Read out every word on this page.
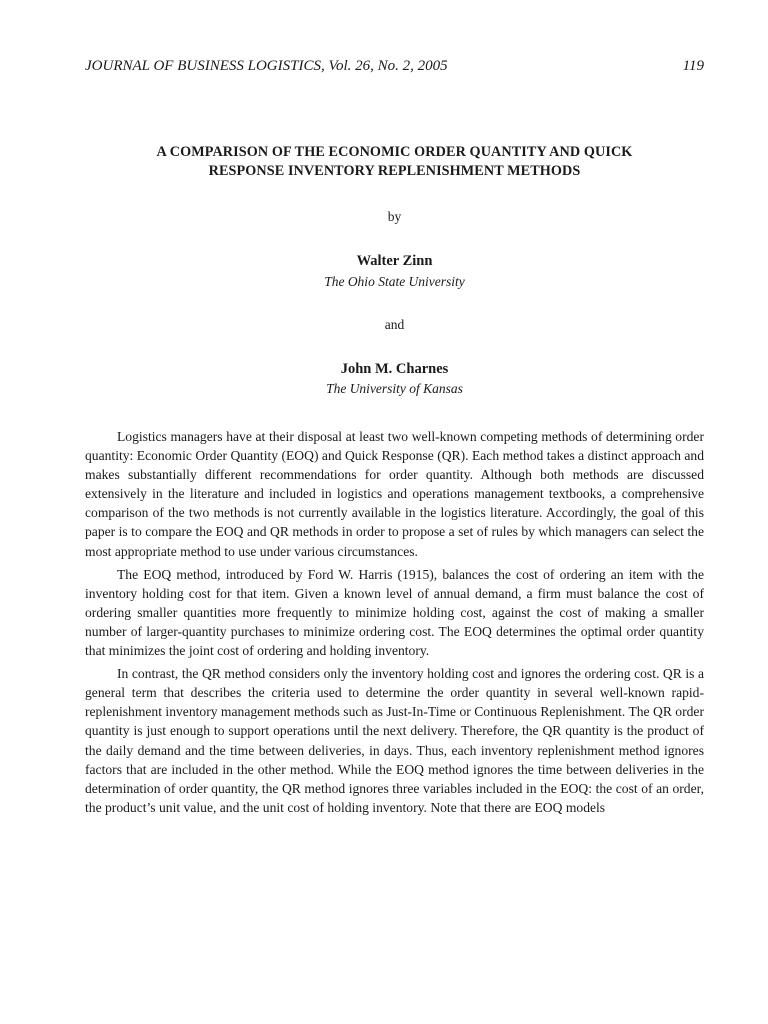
JOURNAL OF BUSINESS LOGISTICS, Vol. 26, No. 2, 2005	119
A COMPARISON OF THE ECONOMIC ORDER QUANTITY AND QUICK
RESPONSE INVENTORY REPLENISHMENT METHODS
by
Walter Zinn
The Ohio State University
and
John M. Charnes
The University of Kansas

Logistics managers have at their disposal at least two well-known competing methods of determining order quantity: Economic Order Quantity (EOQ) and Quick Response (QR). Each method takes a distinct approach and makes substantially different recommendations for order quantity. Although both methods are discussed extensively in the literature and included in logistics and operations management textbooks, a comprehensive comparison of the two methods is not currently available in the logistics literature. Accordingly, the goal of this paper is to compare the EOQ and QR methods in order to propose a set of rules by which managers can select the most appropriate method to use under various circumstances.

The EOQ method, introduced by Ford W. Harris (1915), balances the cost of ordering an item with the inventory holding cost for that item. Given a known level of annual demand, a firm must balance the cost of ordering smaller quantities more frequently to minimize holding cost, against the cost of making a smaller number of larger-quantity purchases to minimize ordering cost. The EOQ determines the optimal order quantity that minimizes the joint cost of ordering and holding inventory.

In contrast, the QR method considers only the inventory holding cost and ignores the ordering cost. QR is a general term that describes the criteria used to determine the order quantity in several well-known rapid-replenishment inventory management methods such as Just-In-Time or Continuous Replenishment. The QR order quantity is just enough to support operations until the next delivery. Therefore, the QR quantity is the product of the daily demand and the time between deliveries, in days. Thus, each inventory replenishment method ignores factors that are included in the other method. While the EOQ method ignores the time between deliveries in the determination of order quantity, the QR method ignores three variables included in the EOQ: the cost of an order, the product’s unit value, and the unit cost of holding inventory. Note that there are EOQ models
